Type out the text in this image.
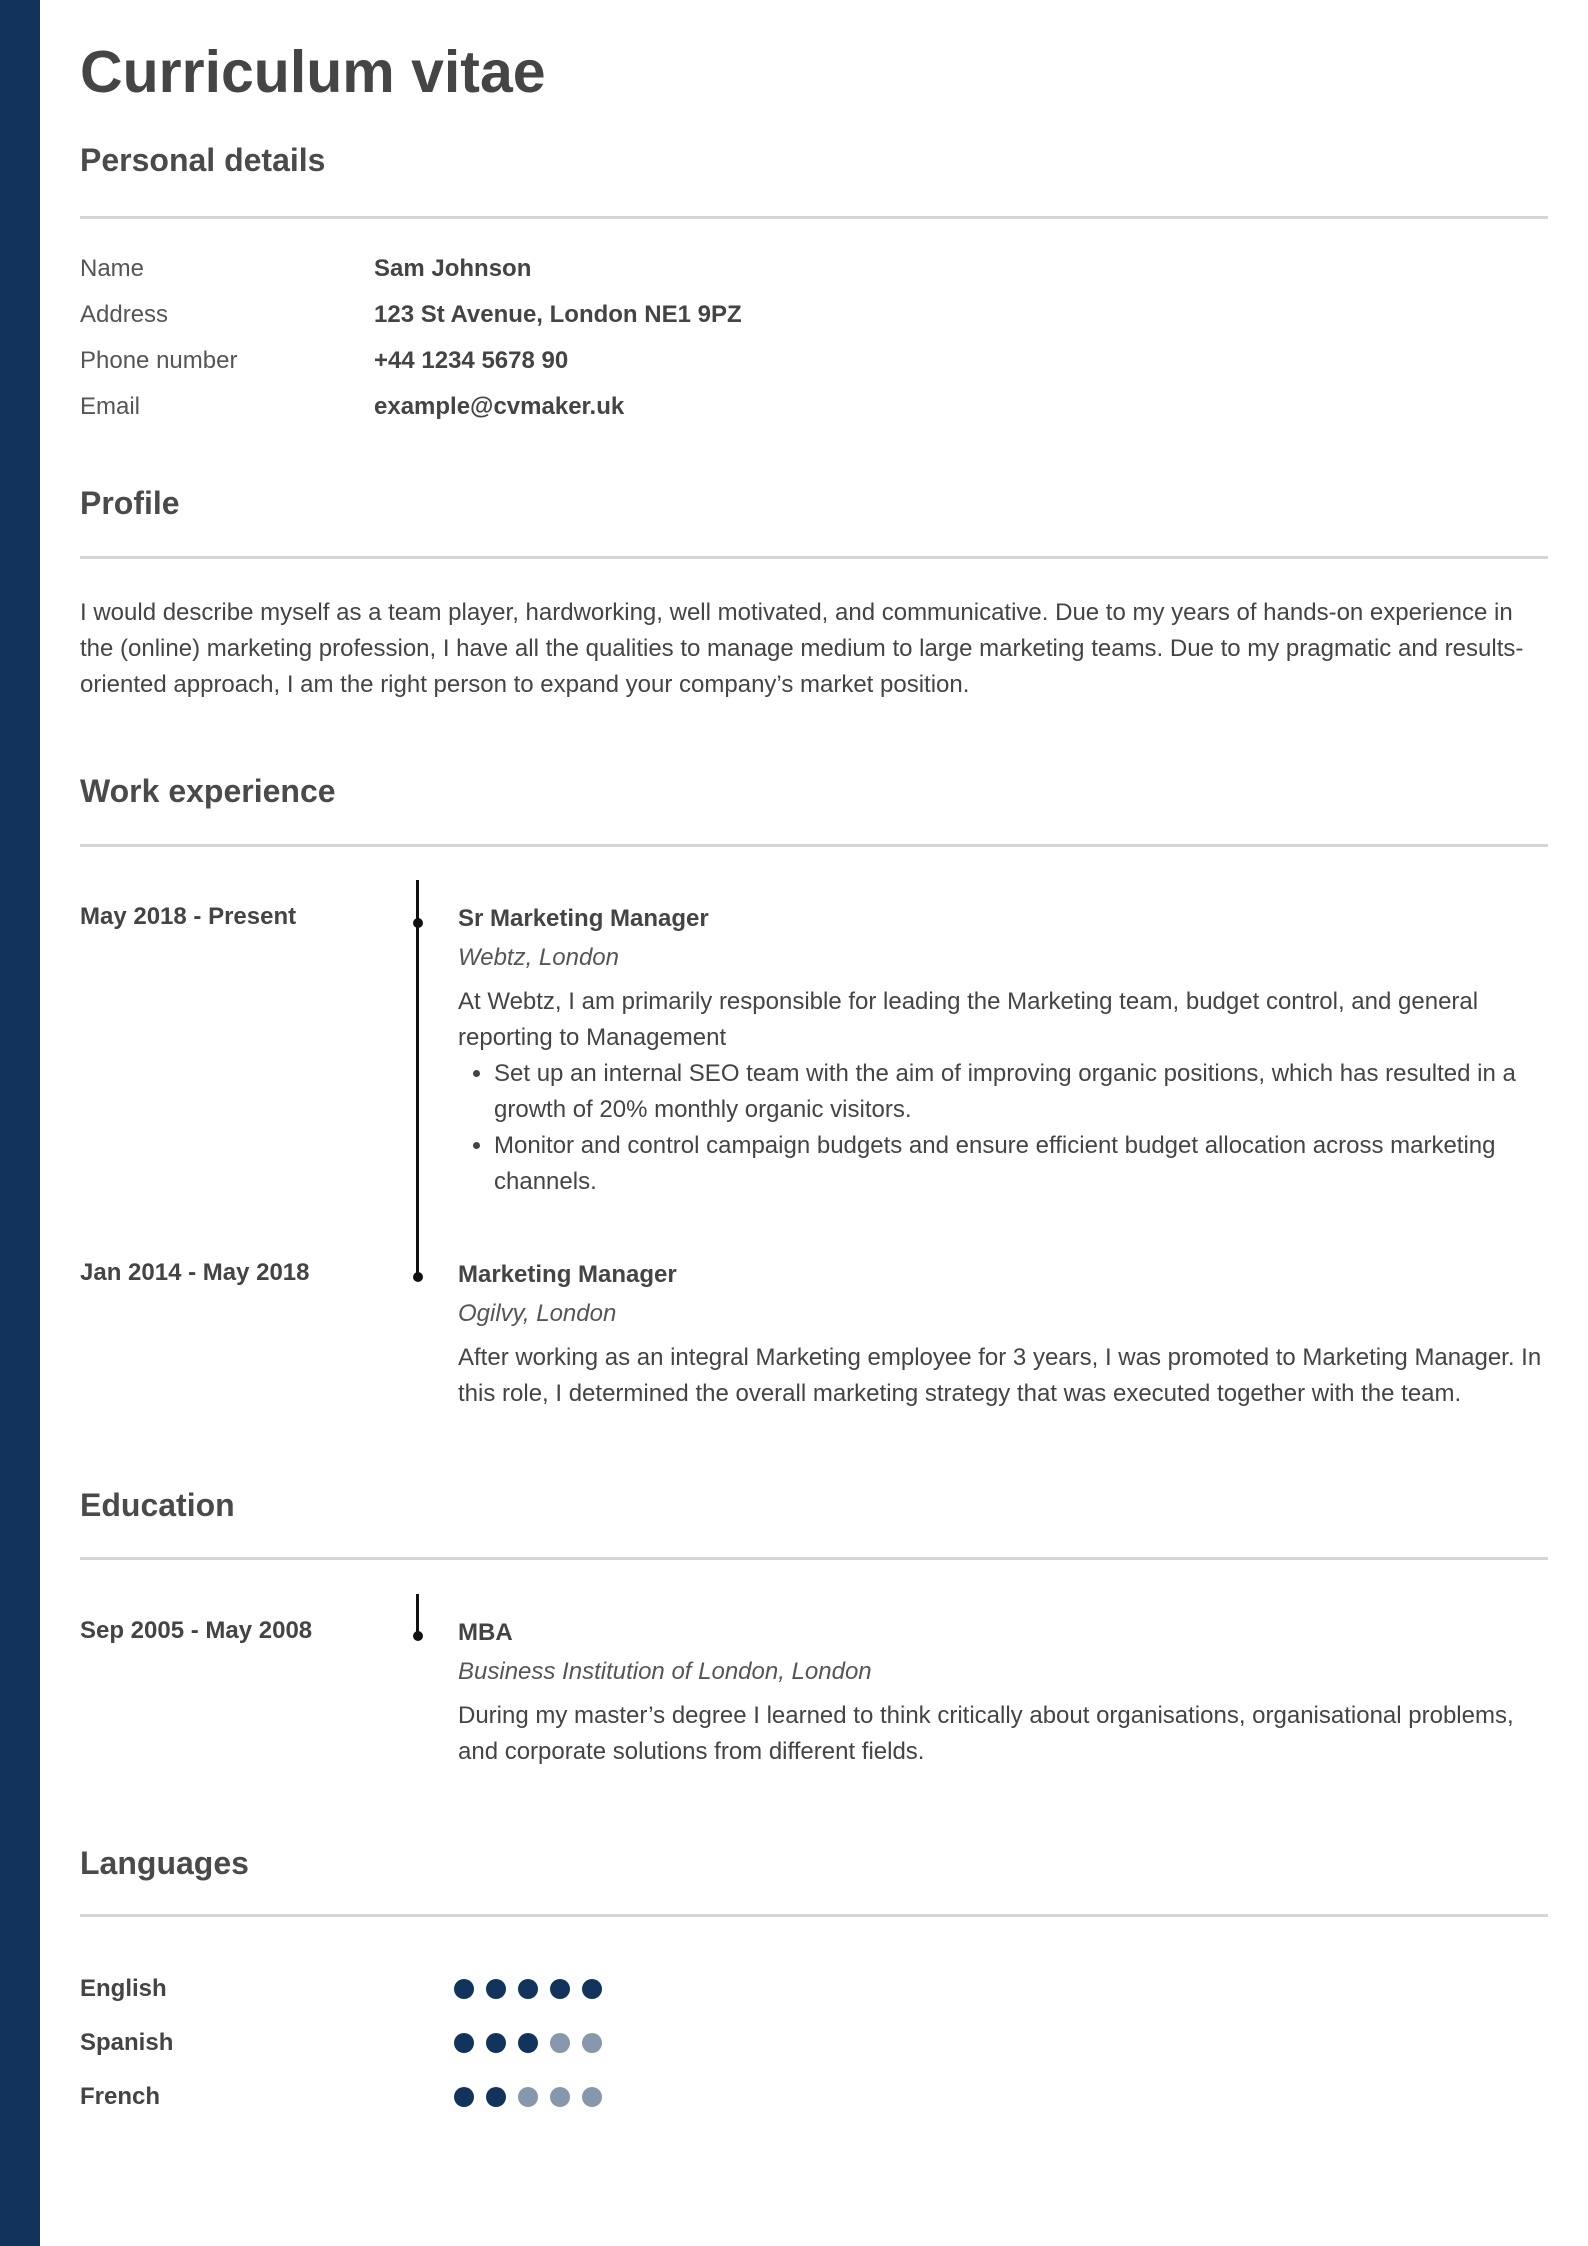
Curriculum vitae
Personal details
Name	Sam Johnson
Address	123 St Avenue, London NE1 9PZ
Phone number	+44 1234 5678 90
Email	example@cvmaker.uk
Profile

I would describe myself as a team player, hardworking, well motivated, and communicative. Due to my years of hands-on experience in the (online) marketing profession, I have all the qualities to manage medium to large marketing teams. Due to my pragmatic and results-oriented approach, I am the right person to expand your company’s market position.

Work experience
May 2018 - Present	Sr Marketing Manager

Webtz, London

At Webtz, I am primarily responsible for leading the Marketing team, budget control, and general reporting to Management

• Set up an internal SEO team with the aim of improving organic positions, which has resulted in a growth of 20% monthly organic visitors.
• Monitor and control campaign budgets and ensure efficient budget allocation across marketing channels.
Jan 2014 - May 2018	Marketing Manager

Ogilvy, London

After working as an integral Marketing employee for 3 years, I was promoted to Marketing Manager. In this role, I determined the overall marketing strategy that was executed together with the team.

Education
Sep 2005 - May 2008	MBA

Business Institution of London, London

During my master’s degree I learned to think critically about organisations, organisational problems, and corporate solutions from different fields.

Languages
English
Spanish
French
